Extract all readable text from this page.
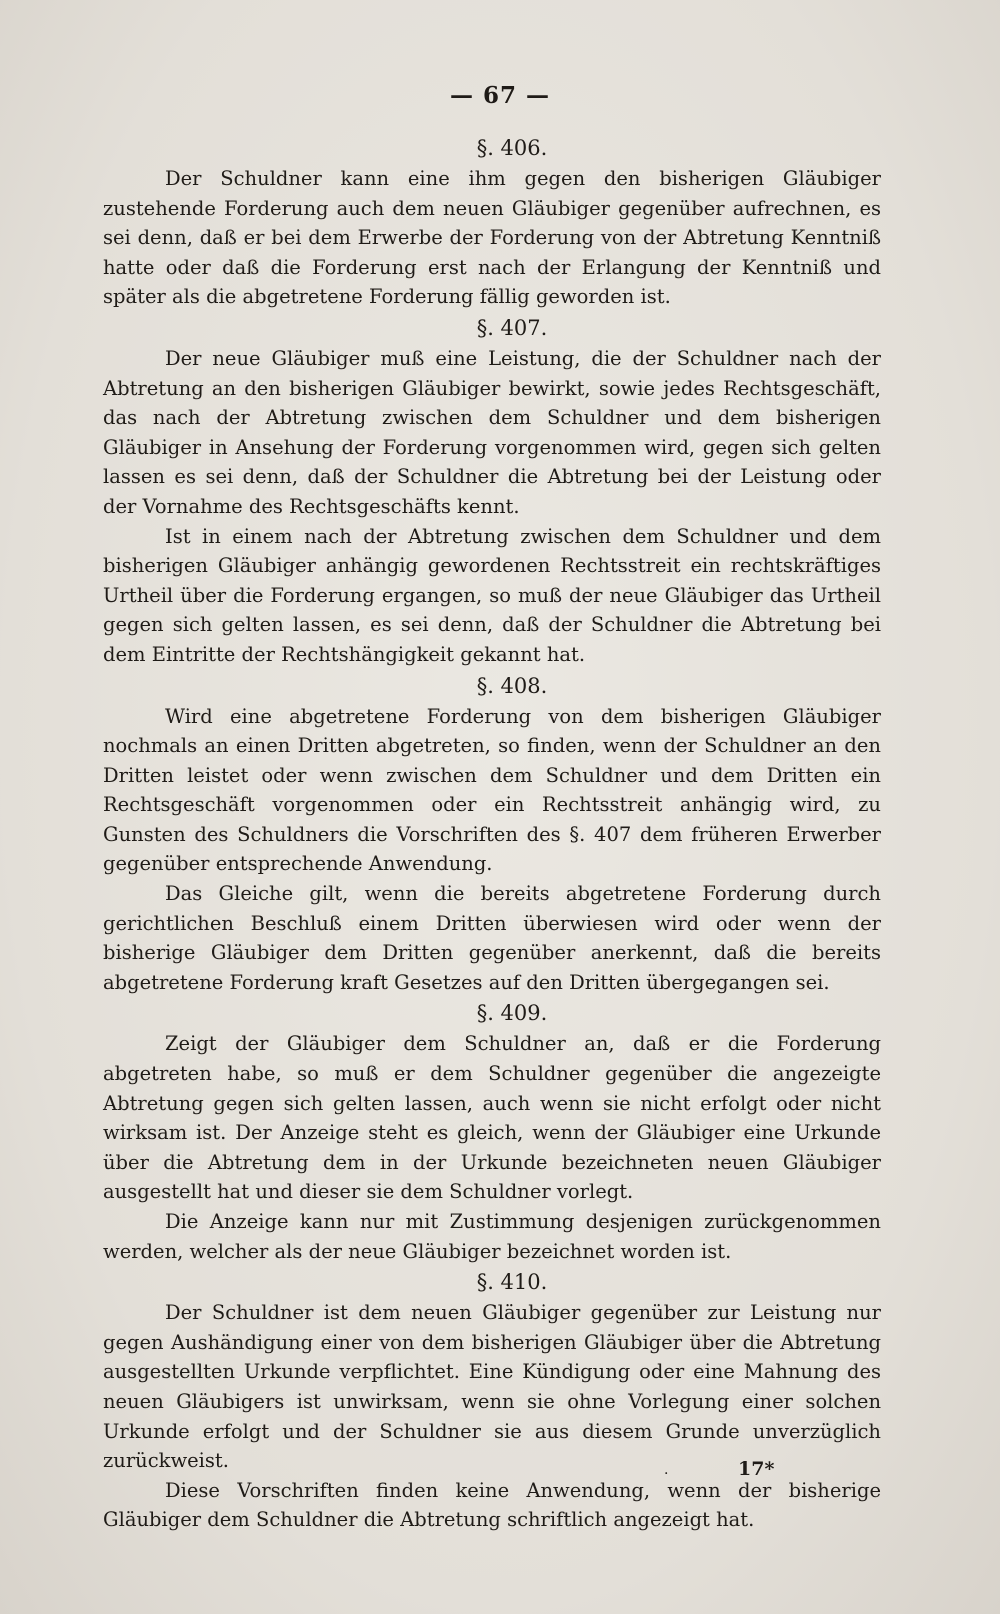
— 67 —

§. 406.

Der Schuldner kann eine ihm gegen den bisherigen Gläubiger zustehende Forderung auch dem neuen Gläubiger gegenüber aufrechnen, es sei denn, daß er bei dem Erwerbe der Forderung von der Abtretung Kenntniß hatte oder daß die Forderung erst nach der Erlangung der Kenntniß und später als die abgetretene Forderung fällig geworden ist.

§. 407.

Der neue Gläubiger muß eine Leistung, die der Schuldner nach der Abtretung an den bisherigen Gläubiger bewirkt, sowie jedes Rechtsgeschäft, das nach der Abtretung zwischen dem Schuldner und dem bisherigen Gläubiger in Ansehung der Forderung vorgenommen wird, gegen sich gelten lassen es sei denn, daß der Schuldner die Abtretung bei der Leistung oder der Vornahme des Rechtsgeschäfts kennt.

Ist in einem nach der Abtretung zwischen dem Schuldner und dem bisherigen Gläubiger anhängig gewordenen Rechtsstreit ein rechtskräftiges Urtheil über die Forderung ergangen, so muß der neue Gläubiger das Urtheil gegen sich gelten lassen, es sei denn, daß der Schuldner die Abtretung bei dem Eintritte der Rechtshängigkeit gekannt hat.

§. 408.

Wird eine abgetretene Forderung von dem bisherigen Gläubiger nochmals an einen Dritten abgetreten, so finden, wenn der Schuldner an den Dritten leistet oder wenn zwischen dem Schuldner und dem Dritten ein Rechtsgeschäft vorgenommen oder ein Rechtsstreit anhängig wird, zu Gunsten des Schuldners die Vorschriften des §. 407 dem früheren Erwerber gegenüber entsprechende Anwendung.

Das Gleiche gilt, wenn die bereits abgetretene Forderung durch gerichtlichen Beschluß einem Dritten überwiesen wird oder wenn der bisherige Gläubiger dem Dritten gegenüber anerkennt, daß die bereits abgetretene Forderung kraft Gesetzes auf den Dritten übergegangen sei.

§. 409.

Zeigt der Gläubiger dem Schuldner an, daß er die Forderung abgetreten habe, so muß er dem Schuldner gegenüber die angezeigte Abtretung gegen sich gelten lassen, auch wenn sie nicht erfolgt oder nicht wirksam ist. Der Anzeige steht es gleich, wenn der Gläubiger eine Urkunde über die Abtretung dem in der Urkunde bezeichneten neuen Gläubiger ausgestellt hat und dieser sie dem Schuldner vorlegt.

Die Anzeige kann nur mit Zustimmung desjenigen zurückgenommen werden, welcher als der neue Gläubiger bezeichnet worden ist.

§. 410.

Der Schuldner ist dem neuen Gläubiger gegenüber zur Leistung nur gegen Aushändigung einer von dem bisherigen Gläubiger über die Abtretung ausgestellten Urkunde verpflichtet. Eine Kündigung oder eine Mahnung des neuen Gläubigers ist unwirksam, wenn sie ohne Vorlegung einer solchen Urkunde erfolgt und der Schuldner sie aus diesem Grunde unverzüglich zurückweist.

Diese Vorschriften finden keine Anwendung, wenn der bisherige Gläubiger dem Schuldner die Abtretung schriftlich angezeigt hat.

·	17*
